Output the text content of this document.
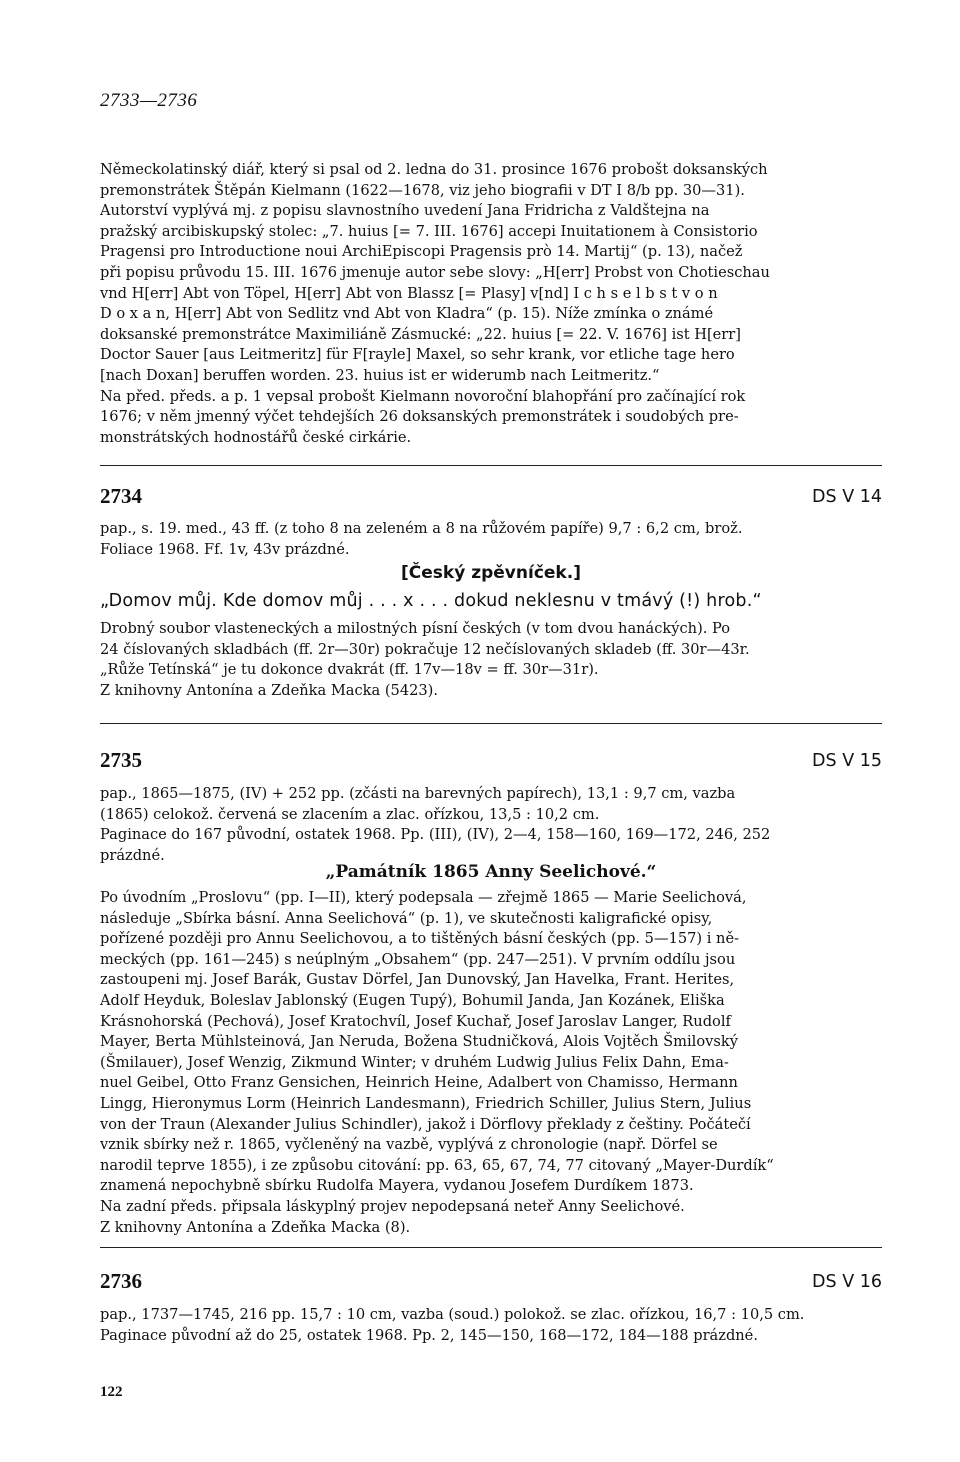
2733—2736

Německolatinský diář, který si psal od 2. ledna do 31. prosince 1676 probošt doksanských

premonstrátek Štěpán Kielmann (1622—1678, viz jeho biografii v DT I 8/b pp. 30—31).

Autorství vyplývá mj. z popisu slavnostního uvedení Jana Fridricha z Valdštejna na

pražský arcibiskupský stolec: „7. huius [= 7. III. 1676] accepi Inuitationem à Consistorio

Pragensi pro Introductione noui ArchiEpiscopi Pragensis prò 14. Martij“ (p. 13), načež

při popisu průvodu 15. III. 1676 jmenuje autor sebe slovy: „H[err] Probst von Chotieschau

vnd H[err] Abt von Töpel, H[err] Abt von Blassz [= Plasy] v[nd] I c h s e l b s t v o n

D o x a n, H[err] Abt von Sedlitz vnd Abt von Kladra“ (p. 15). Níže zmínka o známé

doksanské premonstrátce Maximiliáně Zásmucké: „22. huius [= 22. V. 1676] ist H[err]

Doctor Sauer [aus Leitmeritz] für F[rayle] Maxel, so sehr krank, vor etliche tage hero

[nach Doxan] beruffen worden. 23. huius ist er widerumb nach Leitmeritz.“

Na před. předs. a p. 1 vepsal probošt Kielmann novoroční blahopřání pro začínající rok

1676; v něm jmenný výčet tehdejších 26 doksanských premonstrátek i soudobých pre-

monstrátských hodnostářů české cirkárie.

2734	DS V 14

pap., s. 19. med., 43 ff. (z toho 8 na zeleném a 8 na růžovém papíře) 9,7 : 6,2 cm, brož.

Foliace 1968. Ff. 1v, 43v prázdné.

[Český zpěvníček.]
„Domov můj. Kde domov můj . . . x . . . dokud neklesnu v tmávý (!) hrob.“

Drobný soubor vlasteneckých a milostných písní českých (v tom dvou hanáckých). Po

24 číslovaných skladbách (ff. 2r—30r) pokračuje 12 nečíslovaných skladeb (ff. 30r—43r.

„Růže Tetínská“ je tu dokonce dvakrát (ff. 17v—18v = ff. 30r—31r).

Z knihovny Antonína a Zdeňka Macka (5423).

2735	DS V 15

pap., 1865—1875, (IV) + 252 pp. (zčásti na barevných papírech), 13,1 : 9,7 cm, vazba

(1865) celokož. červená se zlacením a zlac. ořízkou, 13,5 : 10,2 cm.

Paginace do 167 původní, ostatek 1968. Pp. (III), (IV), 2—4, 158—160, 169—172, 246, 252

prázdné.

„Památník 1865 Anny Seelichové.“

Po úvodním „Proslovu“ (pp. I—II), který podepsala — zřejmě 1865 — Marie Seelichová,

následuje „Sbírka básní. Anna Seelichová“ (p. 1), ve skutečnosti kaligrafické opisy,

pořízené později pro Annu Seelichovou, a to tištěných básní českých (pp. 5—157) i ně-

meckých (pp. 161—245) s neúplným „Obsahem“ (pp. 247—251). V prvním oddílu jsou

zastoupeni mj. Josef Barák, Gustav Dörfel, Jan Dunovský, Jan Havelka, Frant. Herites,

Adolf Heyduk, Boleslav Jablonský (Eugen Tupý), Bohumil Janda, Jan Kozánek, Eliška

Krásnohorská (Pechová), Josef Kratochvíl, Josef Kuchař, Josef Jaroslav Langer, Rudolf

Mayer, Berta Mühlsteinová, Jan Neruda, Božena Studničková, Alois Vojtěch Šmilovský

(Šmilauer), Josef Wenzig, Zikmund Winter; v druhém Ludwig Julius Felix Dahn, Ema-

nuel Geibel, Otto Franz Gensichen, Heinrich Heine, Adalbert von Chamisso, Hermann

Lingg, Hieronymus Lorm (Heinrich Landesmann), Friedrich Schiller, Julius Stern, Julius

von der Traun (Alexander Julius Schindler), jakož i Dörflovy překlady z češtiny. Počátečí

vznik sbírky než r. 1865, vyčleněný na vazbě, vyplývá z chronologie (např. Dörfel se

narodil teprve 1855), i ze způsobu citování: pp. 63, 65, 67, 74, 77 citovaný „Mayer-Durdík“

znamená nepochybně sbírku Rudolfa Mayera, vydanou Josefem Durdíkem 1873.

Na zadní předs. připsala láskyplný projev nepodepsaná neteř Anny Seelichové.

Z knihovny Antonína a Zdeňka Macka (8).

2736	DS V 16

pap., 1737—1745, 216 pp. 15,7 : 10 cm, vazba (soud.) polokož. se zlac. ořízkou, 16,7 : 10,5 cm.

Paginace původní až do 25, ostatek 1968. Pp. 2, 145—150, 168—172, 184—188 prázdné.

122
